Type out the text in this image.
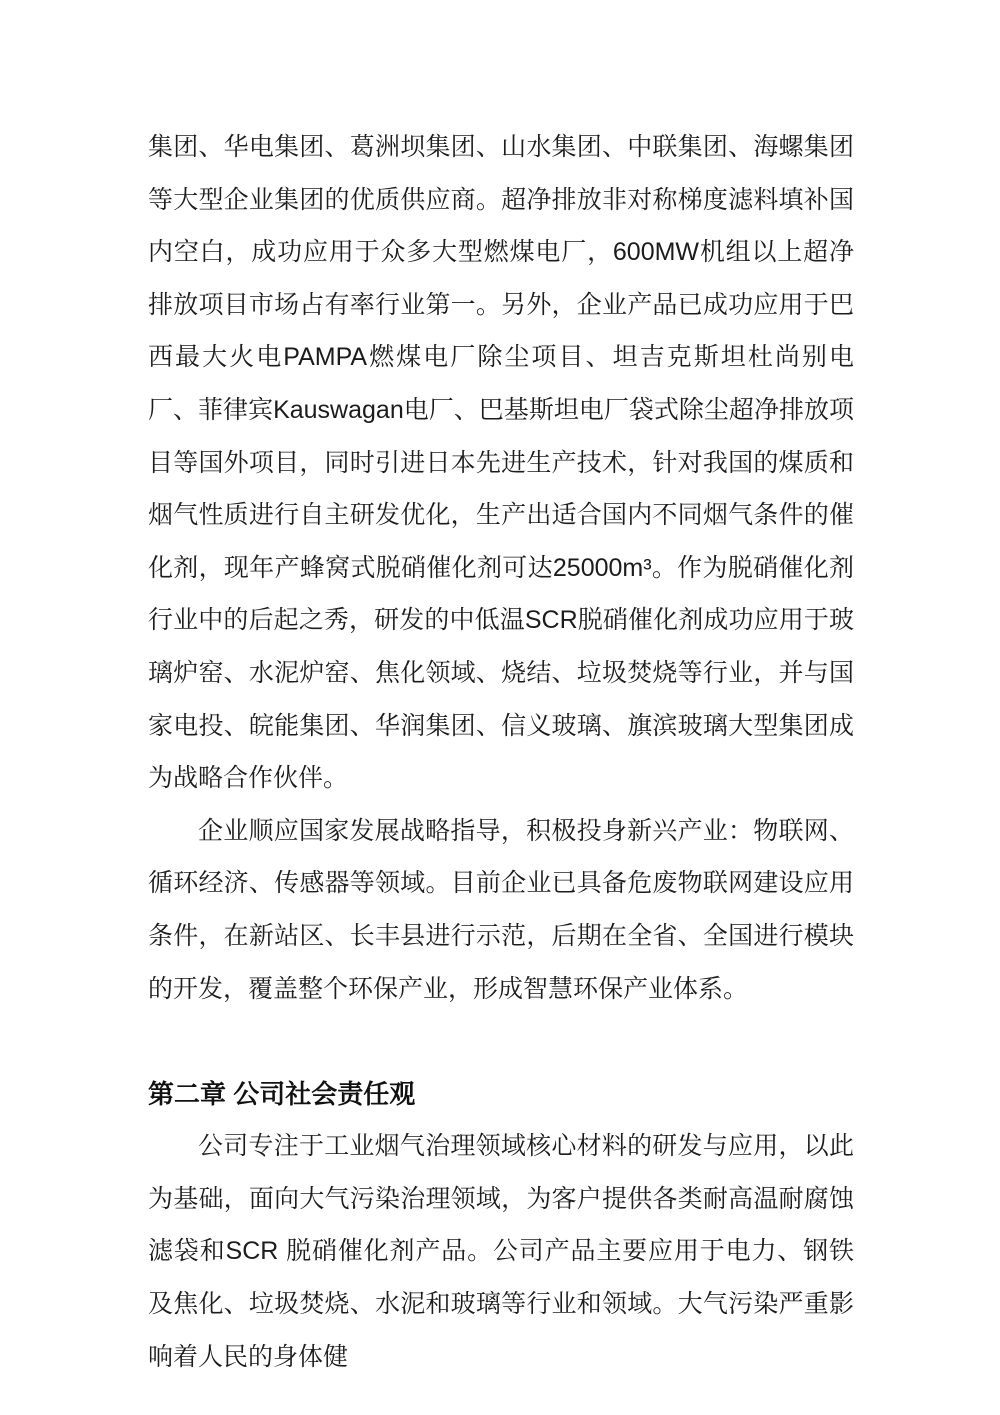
集团、华电集团、葛洲坝集团、山水集团、中联集团、海螺集团等大型企业集团的优质供应商。超净排放非对称梯度滤料填补国内空白，成功应用于众多大型燃煤电厂，600MW机组以上超净排放项目市场占有率行业第一。另外，企业产品已成功应用于巴西最大火电PAMPA燃煤电厂除尘项目、坦吉克斯坦杜尚别电厂、菲律宾Kauswagan电厂、巴基斯坦电厂袋式除尘超净排放项目等国外项目，同时引进日本先进生产技术，针对我国的煤质和烟气性质进行自主研发优化，生产出适合国内不同烟气条件的催化剂，现年产蜂窝式脱硝催化剂可达25000m³。作为脱硝催化剂行业中的后起之秀，研发的中低温SCR脱硝催化剂成功应用于玻璃炉窑、水泥炉窑、焦化领域、烧结、垃圾焚烧等行业，并与国家电投、皖能集团、华润集团、信义玻璃、旗滨玻璃大型集团成为战略合作伙伴。

企业顺应国家发展战略指导，积极投身新兴产业：物联网、循环经济、传感器等领域。目前企业已具备危废物联网建设应用条件，在新站区、长丰县进行示范，后期在全省、全国进行模块的开发，覆盖整个环保产业，形成智慧环保产业体系。

第二章 公司社会责任观

公司专注于工业烟气治理领域核心材料的研发与应用，以此为基础，面向大气污染治理领域，为客户提供各类耐高温耐腐蚀滤袋和SCR 脱硝催化剂产品。公司产品主要应用于电力、钢铁及焦化、垃圾焚烧、水泥和玻璃等行业和领域。大气污染严重影响着人民的身体健
